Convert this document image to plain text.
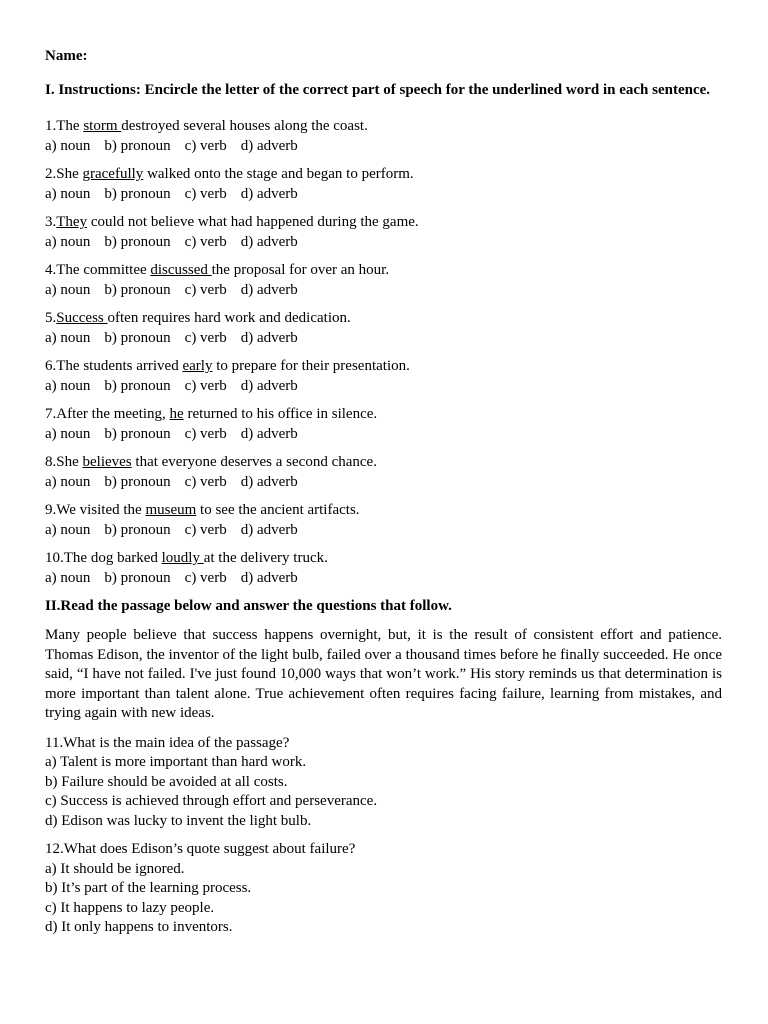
Name:

I. Instructions: Encircle the letter of the correct part of speech for the underlined word in each sentence.

1.The storm destroyed several houses along the coast.
a) noun b) pronoun c) verb d) adverb
2.She gracefully walked onto the stage and began to perform.
a) noun b) pronoun c) verb d) adverb
3.They could not believe what had happened during the game.
a) noun b) pronoun c) verb d) adverb
4.The committee discussed the proposal for over an hour.
a) noun b) pronoun c) verb d) adverb
5.Success often requires hard work and dedication.
a) noun b) pronoun c) verb d) adverb
6.The students arrived early to prepare for their presentation.
a) noun b) pronoun c) verb d) adverb
7.After the meeting, he returned to his office in silence.
a) noun b) pronoun c) verb d) adverb
8.She believes that everyone deserves a second chance.
a) noun b) pronoun c) verb d) adverb
9.We visited the museum to see the ancient artifacts.
a) noun b) pronoun c) verb d) adverb
10.The dog barked loudly at the delivery truck.
a) noun b) pronoun c) verb d) adverb

II.Read the passage below and answer the questions that follow.

Many people believe that success happens overnight, but, it is the result of consistent effort and patience. Thomas Edison, the inventor of the light bulb, failed over a thousand times before he finally succeeded. He once said, “I have not failed. I've just found 10,000 ways that won’t work.” His story reminds us that determination is more important than talent alone. True achievement often requires facing failure, learning from mistakes, and trying again with new ideas.

11.What is the main idea of the passage?
a) Talent is more important than hard work.
b) Failure should be avoided at all costs.
c) Success is achieved through effort and perseverance.
d) Edison was lucky to invent the light bulb.
12.What does Edison’s quote suggest about failure?
a) It should be ignored.
b) It’s part of the learning process.
c) It happens to lazy people.
d) It only happens to inventors.
